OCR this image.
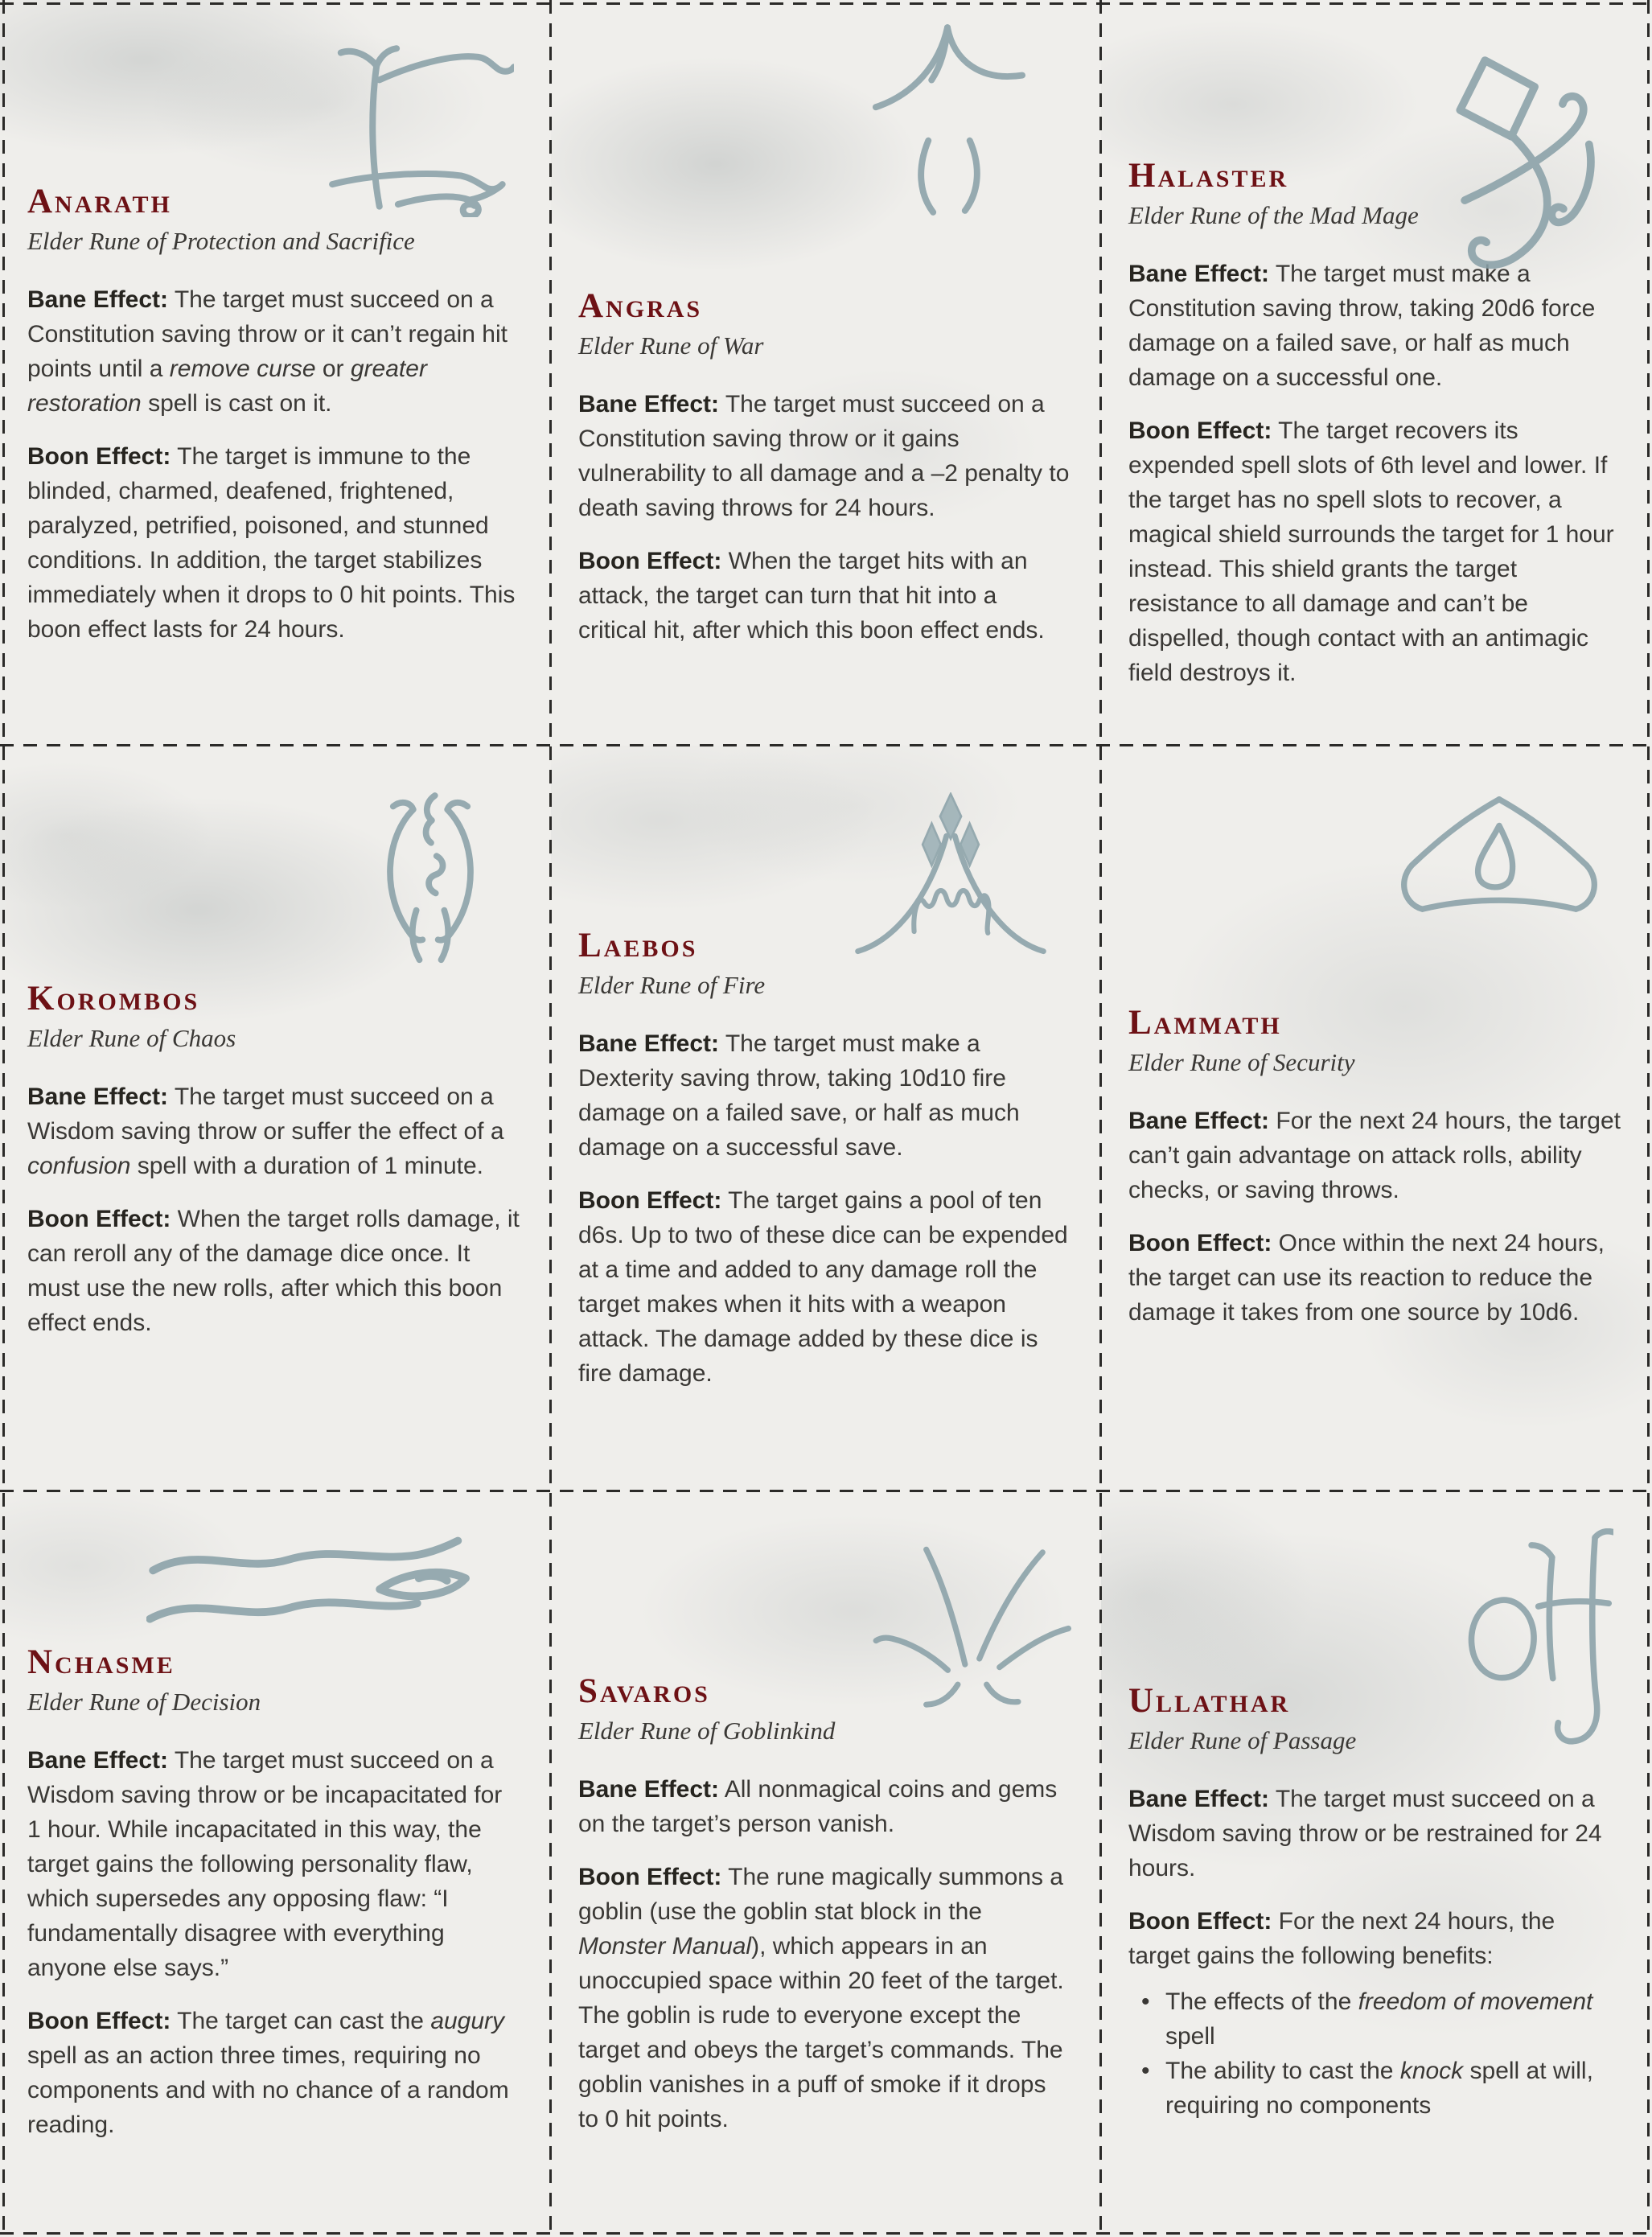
Anarath

Elder Rune of Protection and Sacrifice

Bane Effect: The target must succeed on a Constitution saving throw or it can’t regain hit points until a remove curse or greater restoration spell is cast on it.

Boon Effect: The target is immune to the blinded, charmed, deafened, frightened, paralyzed, petrified, poisoned, and stunned conditions. In addition, the target stabilizes immediately when it drops to 0 hit points. This boon effect lasts for 24 hours.

Angras

Elder Rune of War

Bane Effect: The target must succeed on a Constitution saving throw or it gains vulnerability to all damage and a –2 penalty to death saving throws for 24 hours.

Boon Effect: When the target hits with an attack, the target can turn that hit into a critical hit, after which this boon effect ends.

Halaster

Elder Rune of the Mad Mage

Bane Effect: The target must make a Constitution saving throw, taking 20d6 force damage on a failed save, or half as much damage on a successful one.

Boon Effect: The target recovers its expended spell slots of 6th level and lower. If the target has no spell slots to recover, a magical shield surrounds the target for 1 hour instead. This shield grants the target resistance to all damage and can’t be dispelled, though contact with an antimagic field destroys it.

Korombos

Elder Rune of Chaos

Bane Effect: The target must succeed on a Wisdom saving throw or suffer the effect of a confusion spell with a duration of 1 minute.

Boon Effect: When the target rolls damage, it can reroll any of the damage dice once. It must use the new rolls, after which this boon effect ends.

Laebos

Elder Rune of Fire

Bane Effect: The target must make a Dexterity saving throw, taking 10d10 fire damage on a failed save, or half as much damage on a successful save.

Boon Effect: The target gains a pool of ten d6s. Up to two of these dice can be expended at a time and added to any damage roll the target makes when it hits with a weapon attack. The damage added by these dice is fire damage.

Lammath

Elder Rune of Security

Bane Effect: For the next 24 hours, the target can’t gain advantage on attack rolls, ability checks, or saving throws.

Boon Effect: Once within the next 24 hours, the target can use its reaction to reduce the damage it takes from one source by 10d6.

Nchasme

Elder Rune of Decision

Bane Effect: The target must succeed on a Wisdom saving throw or be incapacitated for 1 hour. While incapacitated in this way, the target gains the following personality flaw, which supersedes any opposing flaw: “I fundamentally disagree with everything anyone else says.”

Boon Effect: The target can cast the augury spell as an action three times, requiring no components and with no chance of a random reading.

Savaros

Elder Rune of Goblinkind

Bane Effect: All nonmagical coins and gems on the target’s person vanish.

Boon Effect: The rune magically summons a goblin (use the goblin stat block in the Monster Manual), which appears in an unoccupied space within 20 feet of the target. The goblin is rude to everyone except the target and obeys the target’s commands. The goblin vanishes in a puff of smoke if it drops to 0 hit points.

Ullathar

Elder Rune of Passage

Bane Effect: The target must succeed on a Wisdom saving throw or be restrained for 24 hours.

Boon Effect: For the next 24 hours, the target gains the following benefits:

• The effects of the freedom of movement spell
• The ability to cast the knock spell at will, requiring no components
